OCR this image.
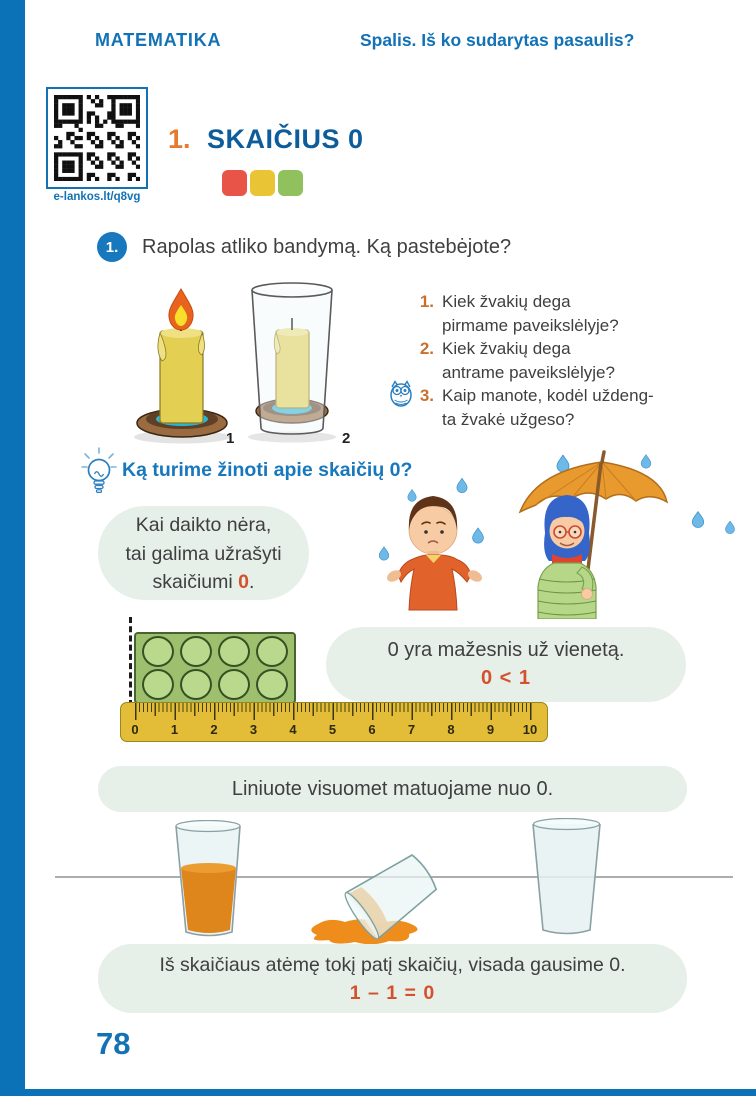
MATEMATIKA	Spalis. Iš ko sudarytas pasaulis?
e-lankos.lt/q8vg
1. SKAIČIUS 0
1.	Rapolas atliko bandymą. Ką pastebėjote?
1	2
1. Kiek žvakių dega
pirmame paveikslėlyje?
2. Kiek žvakių dega
antrame paveikslėlyje?
3. Kaip manote, kodėl uždeng-
ta žvakė užgeso?
Ką turime žinoti apie skaičių 0?
Kai daikto nėra,
tai galima užrašyti
skaičiumi 0.
0 yra mažesnis už vienetą.
0 < 1
0 1 2 3 4 5 6 7 8 9 10
Liniuote visuomet matuojame nuo 0.
Iš skaičiaus atėmę tokį patį skaičių, visada gausime 0.
1 – 1 = 0
78
